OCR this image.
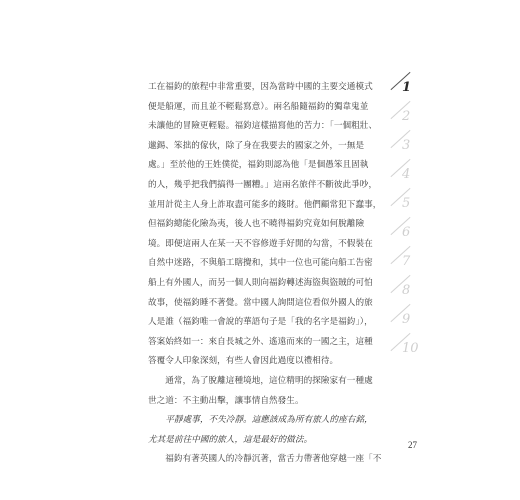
工在福鈞的旅程中非常重要，因為當時中國的主要交通模式
便是船運，而且並不輕鬆寫意）。兩名船隨福鈞的獨韋鬼並
未讓他的冒險更輕鬆。福鈞這樣描寫他的苦力：「一個粗壯、
邋錫、笨拙的傢伙，除了身在我要去的國家之外，一無是
處。」至於他的王姓僕從，福鈞則認為他「是個愚笨且固執
的人，幾乎把我們搞得一團糟。」這兩名旅伴不斷彼此爭吵，
並用計從主人身上詐取盡可能多的錢財。他們顧常犯下蠢事，
但福鈞總能化險為夷，後人也不曉得福鈞究竟如何脫離險
境。即便這兩人在某一天不容修遊手好閒的勾當，不假裝在
自然中迷路，不與船工瞎攪和，其中一位也可能向船工告密
船上有外國人，而另一個人則向福鈞轉述海盜與盜賊的可怕
故事，使福鈞睡不著覺。當中國人詢問這位看似外國人的旅
人是誰（福鈞唯一會說的華語句子是「我的名字是福鈞」），
答案始終如一：來自長城之外、遙遠而來的一國之主，這種
答覆令人印象深刻，有些人會因此過度以禮相待。
　　通常，為了脫離這種境地，這位精明的探險家有一種處
世之道：不主動出擊，讓事情自然發生。
　　平靜處事，不失冷靜。這應該成為所有旅人的座右銘，
尤其是前往中國的旅人，這是最好的做法。
　　福鈞有著英國人的冷靜沉著，當舌力帶著他穿越一座「不
1
2
3
4
5
6
7
8
9
10
27
